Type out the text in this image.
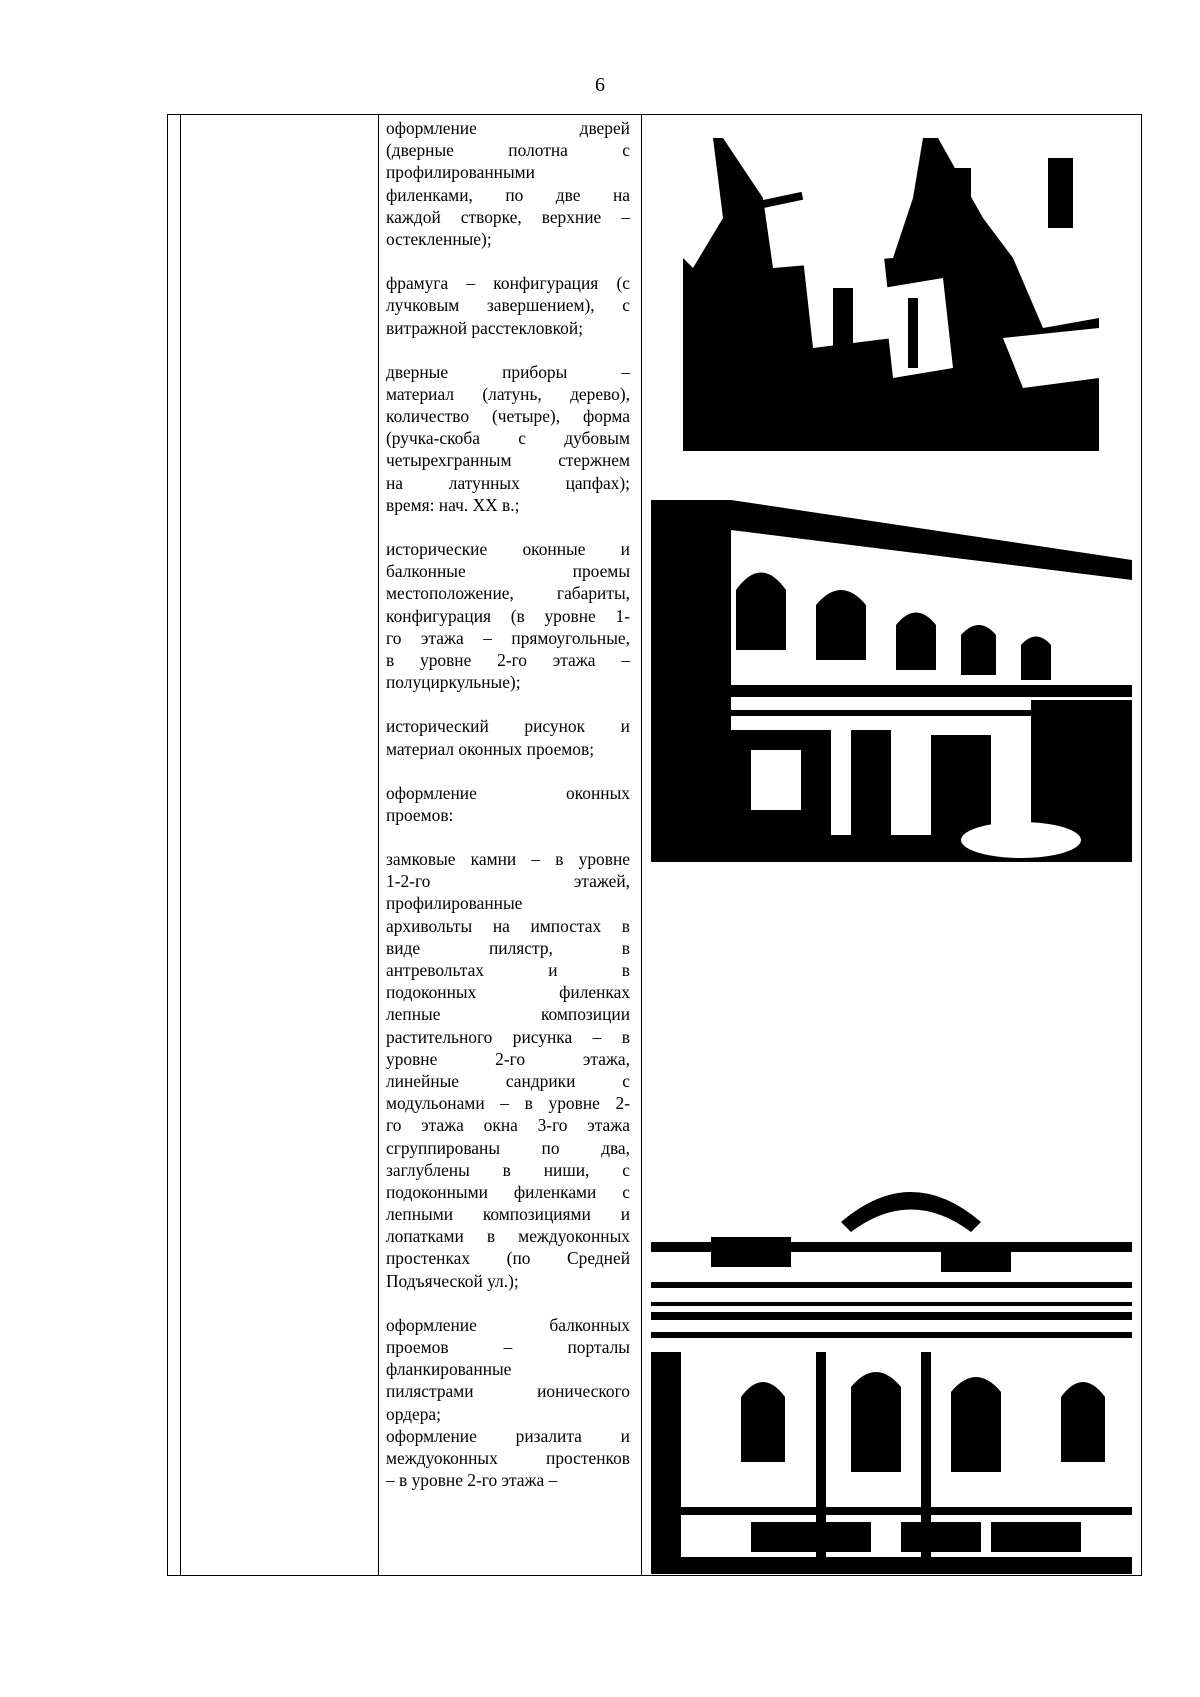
6
оформление дверей
(дверные полотна с
профилированными
филенками, по две на
каждой створке, верхние –
остекленные);
фрамуга – конфигурация (с
лучковым завершением), с
витражной расстекловкой;
дверные приборы –
материал (латунь, дерево),
количество (четыре), форма
(ручка-скоба с дубовым
четырехгранным стержнем
на латунных цапфах);
время: нач. XX в.;
исторические оконные и
балконные проемы
местоположение, габариты,
конфигурация (в уровне 1-
го этажа – прямоугольные,
в уровне 2-го этажа –
полуциркульные);
исторический рисунок и
материал оконных проемов;
оформление оконных
проемов:
замковые камни – в уровне
1-2-го этажей,
профилированные
архивольты на импостах в
виде пилястр, в
антревольтах и в
подоконных филенках
лепные композиции
растительного рисунка – в
уровне 2-го этажа,
линейные сандрики с
модульонами – в уровне 2-
го этажа окна 3-го этажа
сгруппированы по два,
заглублены в ниши, с
подоконными филенками с
лепными композициями и
лопатками в междуоконных
простенках (по Средней
Подъяческой ул.);
оформление балконных
проемов – порталы
фланкированные
пилястрами ионического
ордера;
оформление ризалита и
междуоконных простенков
– в уровне 2-го этажа –
